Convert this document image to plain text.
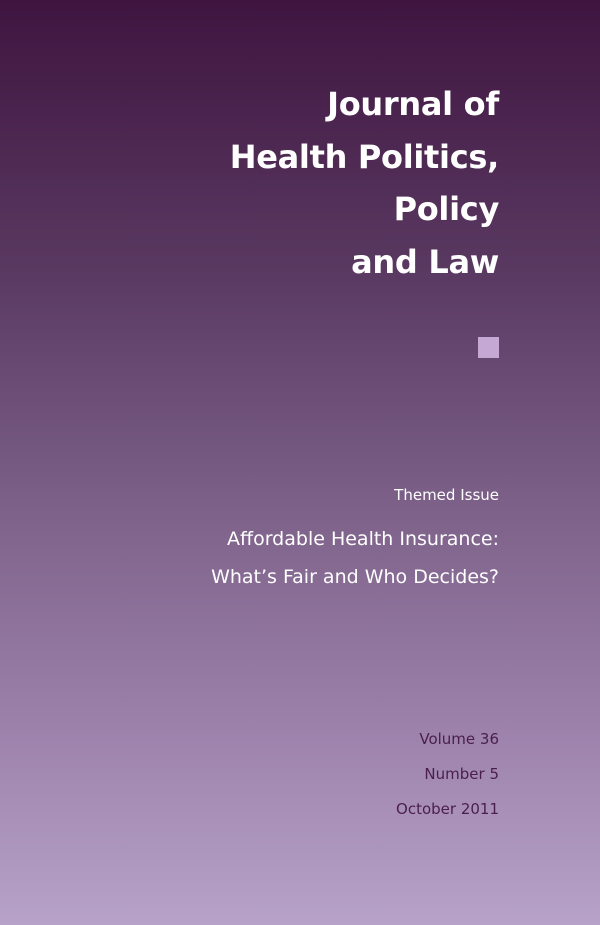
Journal of
Health Politics,
Policy
and Law
Themed Issue
Affordable Health Insurance:
What’s Fair and Who Decides?
Volume 36
Number 5
October 2011
